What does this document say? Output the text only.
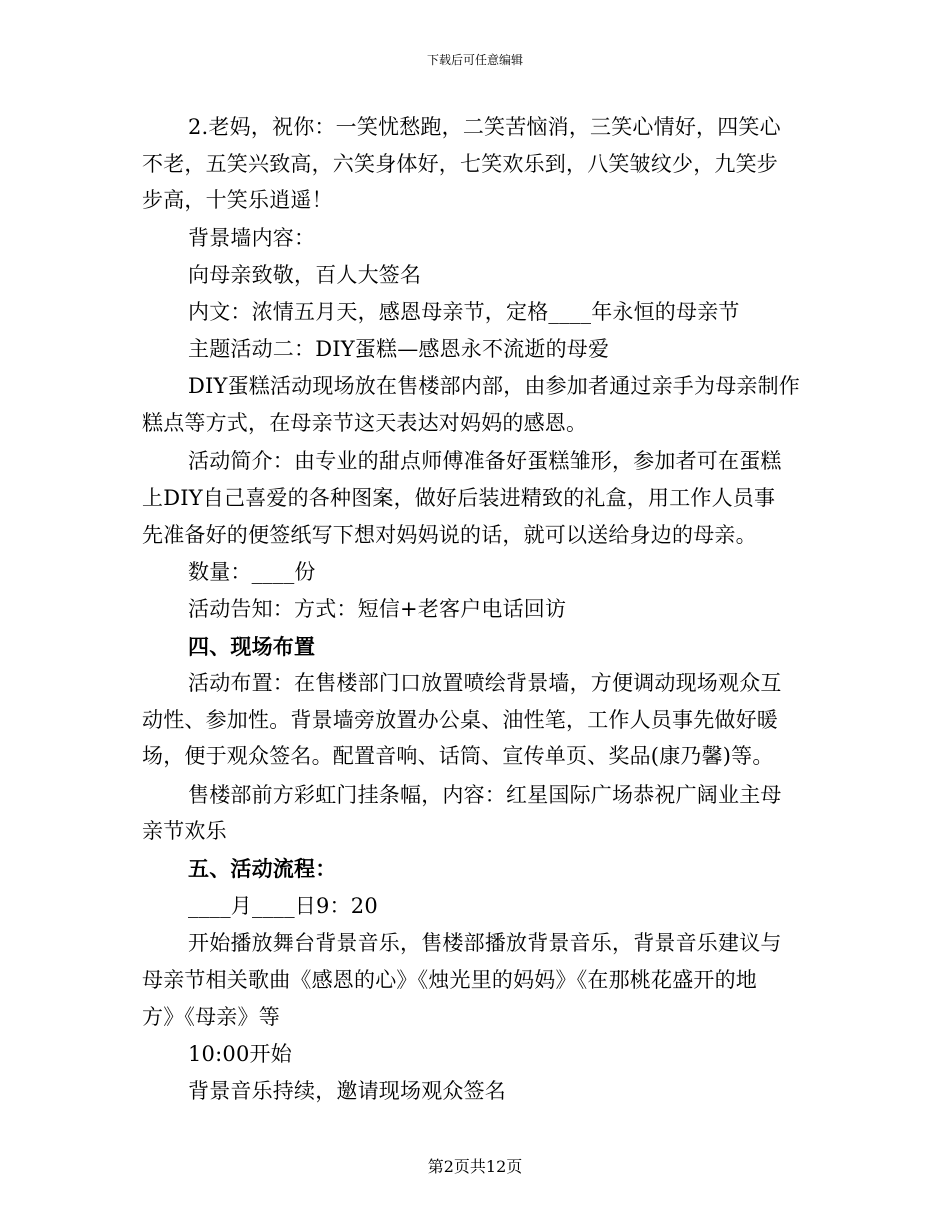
下载后可任意编辑
2.老妈，祝你：一笑忧愁跑，二笑苦恼消，三笑心情好，四笑心
不老，五笑兴致高，六笑身体好，七笑欢乐到，八笑皱纹少，九笑步
步高，十笑乐逍遥！
背景墙内容：
向母亲致敬，百人大签名
内文：浓情五月天，感恩母亲节，定格____年永恒的母亲节
主题活动二：DIY蛋糕—感恩永不流逝的母爱
DIY蛋糕活动现场放在售楼部内部，由参加者通过亲手为母亲制作
糕点等方式，在母亲节这天表达对妈妈的感恩。
活动简介：由专业的甜点师傅准备好蛋糕雏形，参加者可在蛋糕
上DIY自己喜爱的各种图案，做好后装进精致的礼盒，用工作人员事
先准备好的便签纸写下想对妈妈说的话，就可以送给身边的母亲。
数量：____份
活动告知：方式：短信+老客户电话回访
四、现场布置
活动布置：在售楼部门口放置喷绘背景墙，方便调动现场观众互
动性、参加性。背景墙旁放置办公桌、油性笔，工作人员事先做好暖
场，便于观众签名。配置音响、话筒、宣传单页、奖品(康乃馨)等。
售楼部前方彩虹门挂条幅，内容：红星国际广场恭祝广阔业主母
亲节欢乐
五、活动流程：
____月____日9：20
开始播放舞台背景音乐，售楼部播放背景音乐，背景音乐建议与
母亲节相关歌曲《感恩的心》《烛光里的妈妈》《在那桃花盛开的地
方》《母亲》等
10:00开始
背景音乐持续，邀请现场观众签名
第2页共12页
